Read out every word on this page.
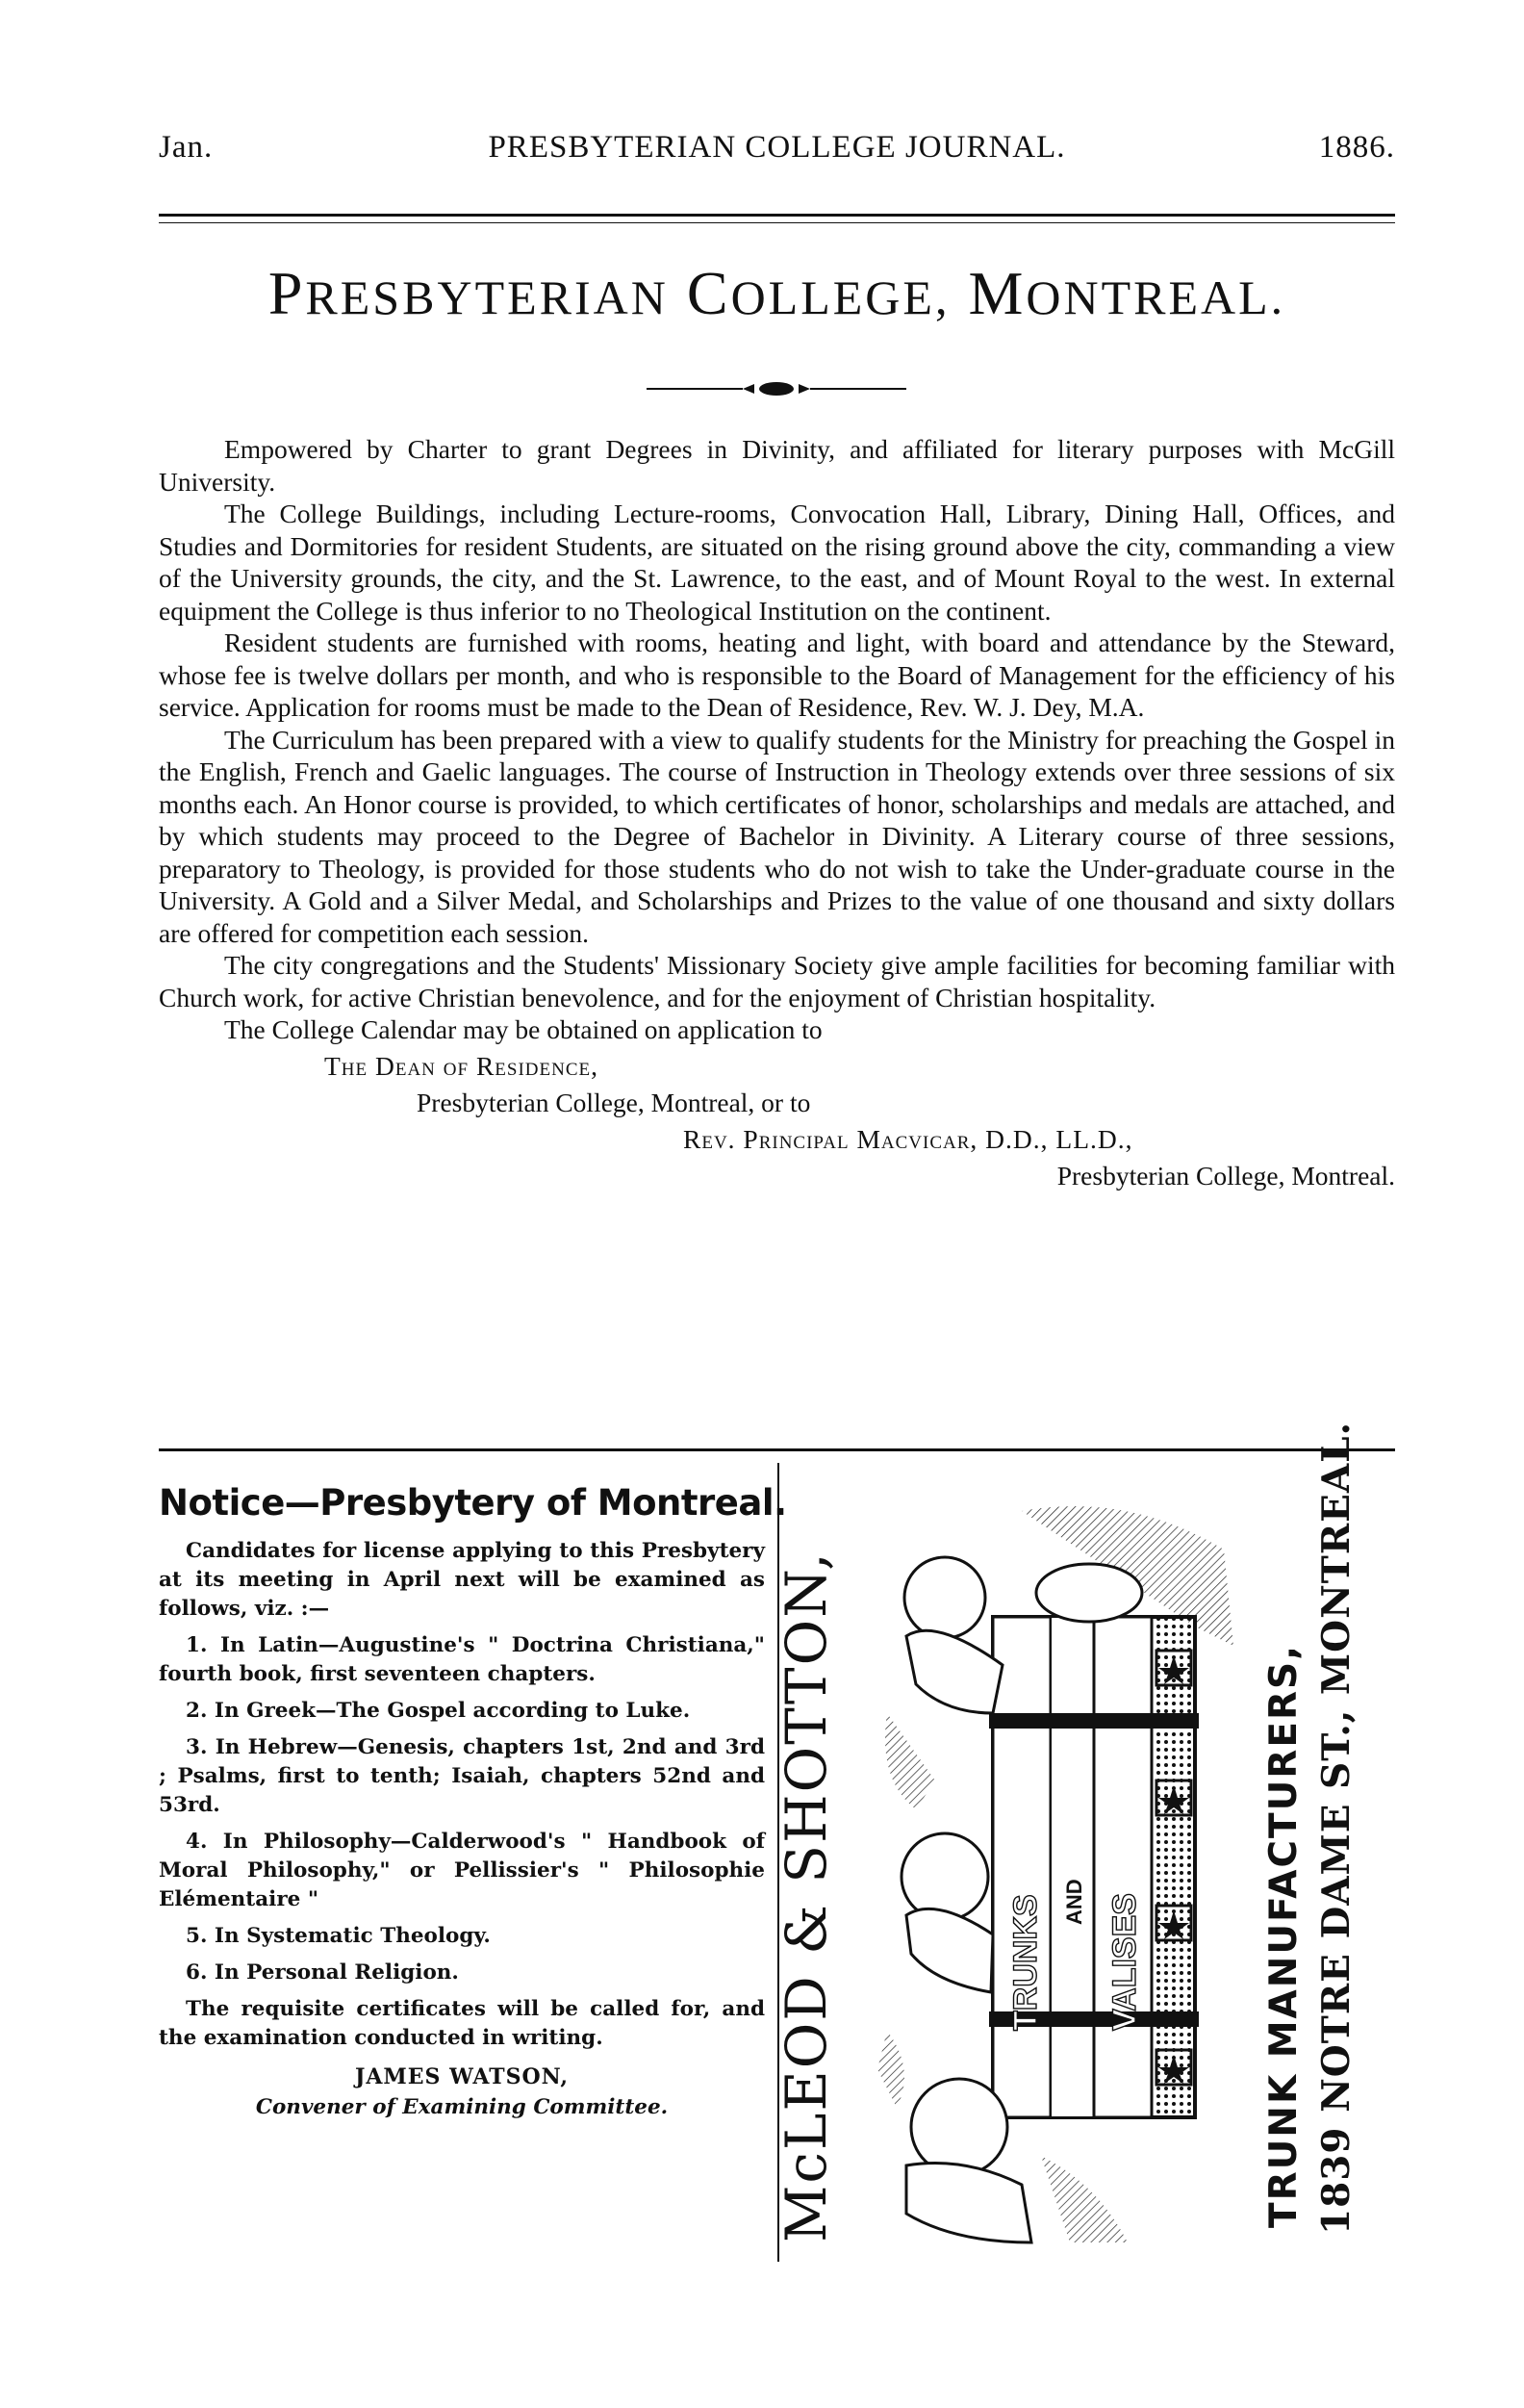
Jan.	PRESBYTERIAN COLLEGE JOURNAL.	1886.
PRESBYTERIAN COLLEGE, MONTREAL.

Empowered by Charter to grant Degrees in Divinity, and affiliated for literary purposes with McGill University.

The College Buildings, including Lecture-rooms, Convocation Hall, Library, Dining Hall, Offices, and Studies and Dormitories for resident Students, are situated on the rising ground above the city, commanding a view of the University grounds, the city, and the St. Lawrence, to the east, and of Mount Royal to the west. In external equipment the College is thus inferior to no Theological Institution on the continent.

Resident students are furnished with rooms, heating and light, with board and attendance by the Steward, whose fee is twelve dollars per month, and who is responsible to the Board of Management for the efficiency of his service. Application for rooms must be made to the Dean of Residence, Rev. W. J. Dey, M.A.

The Curriculum has been prepared with a view to qualify students for the Ministry for preaching the Gospel in the English, French and Gaelic languages. The course of Instruction in Theology extends over three sessions of six months each. An Honor course is provided, to which certificates of honor, scholarships and medals are attached, and by which students may proceed to the Degree of Bachelor in Divinity. A Literary course of three sessions, preparatory to Theology, is provided for those students who do not wish to take the Under-graduate course in the University. A Gold and a Silver Medal, and Scholarships and Prizes to the value of one thousand and sixty dollars are offered for competition each session.

The city congregations and the Students' Missionary Society give ample facilities for becoming familiar with Church work, for active Christian benevolence, and for the enjoyment of Christian hospitality.

The College Calendar may be obtained on application to

The Dean of Residence,
Presbyterian College, Montreal, or to
Rev. Principal Macvicar, D.D., LL.D.,
Presbyterian College, Montreal.
Notice—Presbytery of Montreal.

Candidates for license applying to this Presbytery at its meeting in April next will be examined as follows, viz. :—

1. In Latin—Augustine's " Doctrina Christiana," fourth book, first seventeen chapters.

2. In Greek—The Gospel according to Luke.

3. In Hebrew—Genesis, chapters 1st, 2nd and 3rd ; Psalms, first to tenth; Isaiah, chapters 52nd and 53rd.

4. In Philosophy—Calderwood's " Handbook of Moral Philosophy," or Pellissier's " Philosophie Elémentaire "

5. In Systematic Theology.

6. In Personal Religion.

The requisite certificates will be called for, and the examination conducted in writing.

JAMES WATSON,
Convener of Examining Committee.	McLEOD & SHOTTON,	TRUNKS AND VALISES	TRUNK MANUFACTURERS, 1839 NOTRE DAME ST., MONTREAL.
